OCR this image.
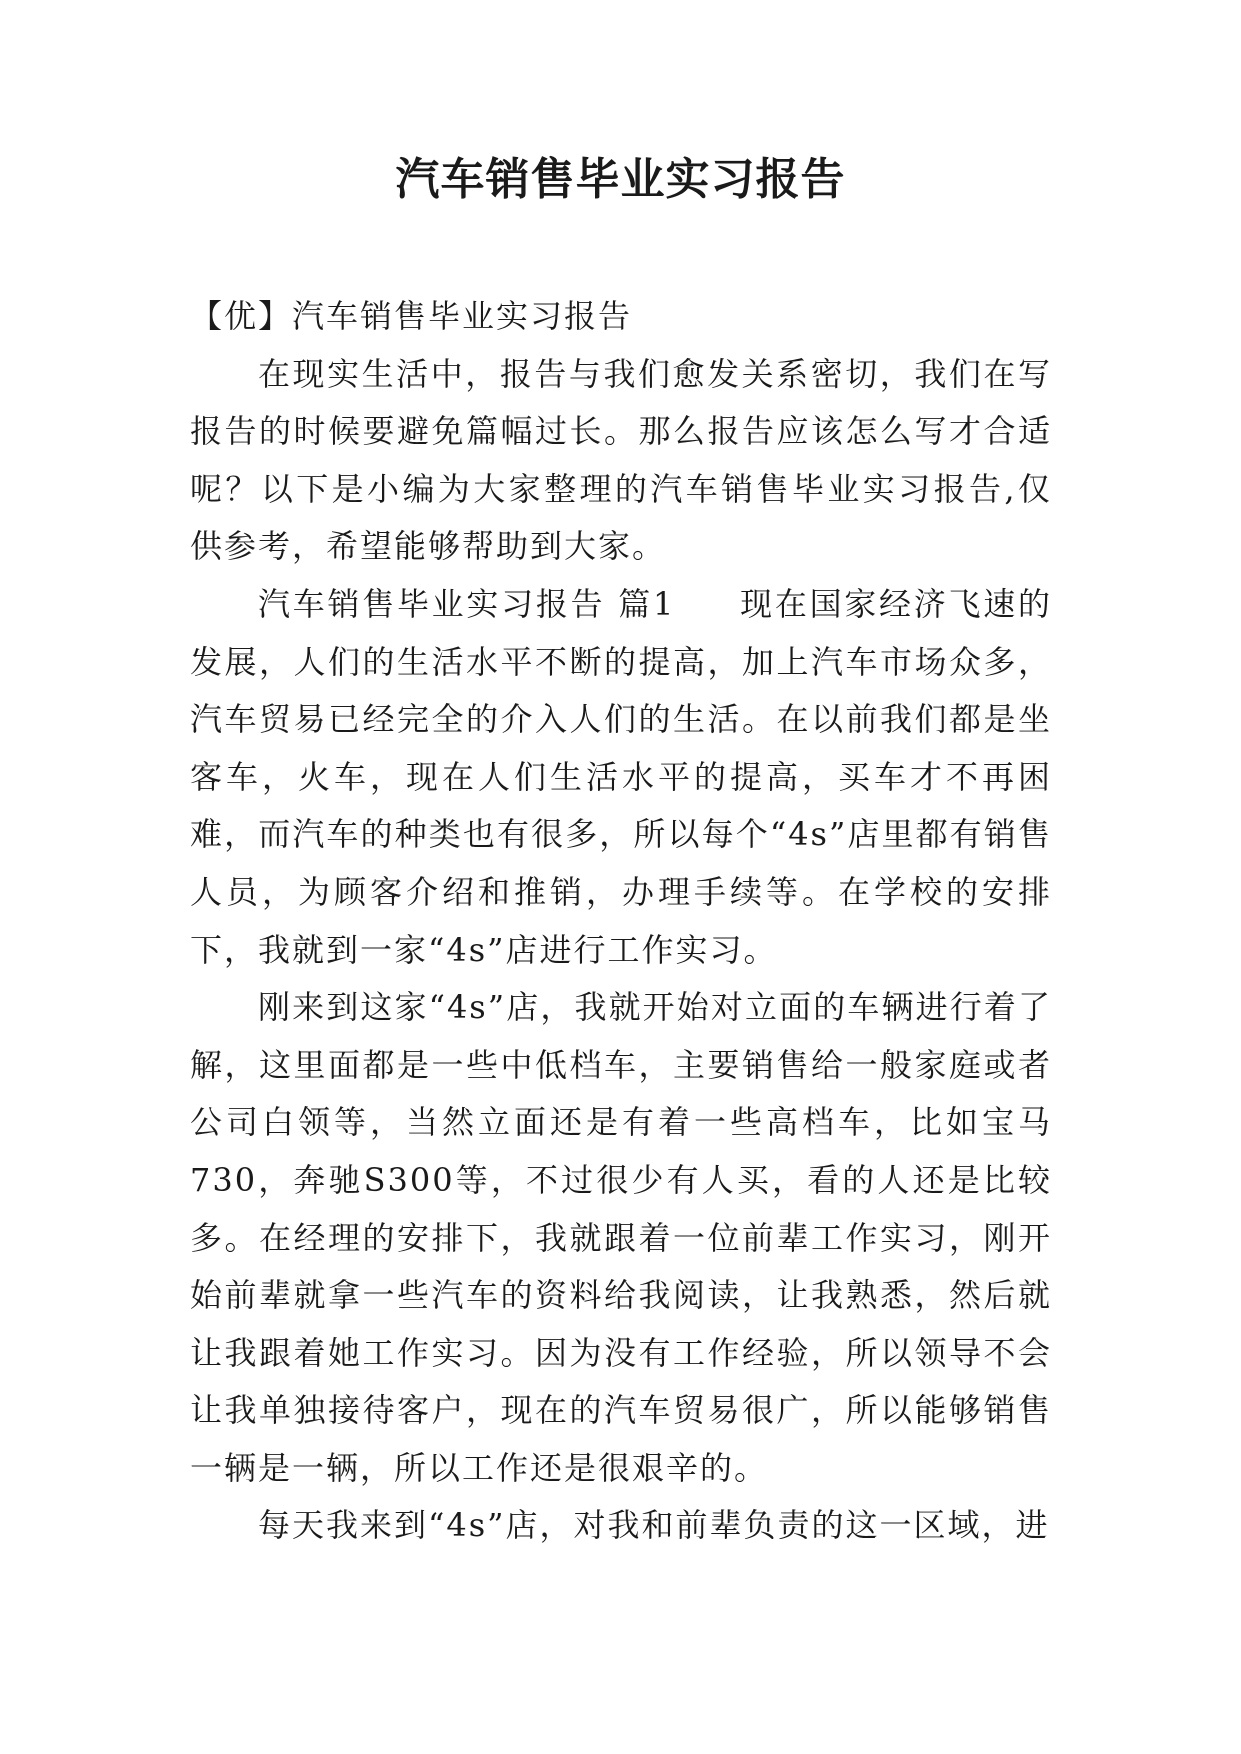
汽车销售毕业实习报告

【优】汽车销售毕业实习报告

在现实生活中，报告与我们愈发关系密切，我们在写报告的时候要避免篇幅过长。那么报告应该怎么写才合适呢？以下是小编为大家整理的汽车销售毕业实习报告,仅供参考，希望能够帮助到大家。

汽车销售毕业实习报告 篇1 现在国家经济飞速的发展，人们的生活水平不断的提高，加上汽车市场众多，汽车贸易已经完全的介入人们的生活。在以前我们都是坐客车，火车，现在人们生活水平的提高，买车才不再困难，而汽车的种类也有很多，所以每个“4s”店里都有销售人员，为顾客介绍和推销，办理手续等。在学校的安排下，我就到一家“4s”店进行工作实习。

刚来到这家“4s”店，我就开始对立面的车辆进行着了解，这里面都是一些中低档车，主要销售给一般家庭或者公司白领等，当然立面还是有着一些高档车，比如宝马730，奔驰S300等，不过很少有人买，看的人还是比较多。在经理的安排下，我就跟着一位前辈工作实习，刚开始前辈就拿一些汽车的资料给我阅读，让我熟悉，然后就让我跟着她工作实习。因为没有工作经验，所以领导不会让我单独接待客户，现在的汽车贸易很广，所以能够销售一辆是一辆，所以工作还是很艰辛的。

每天我来到“4s”店，对我和前辈负责的这一区域，进
